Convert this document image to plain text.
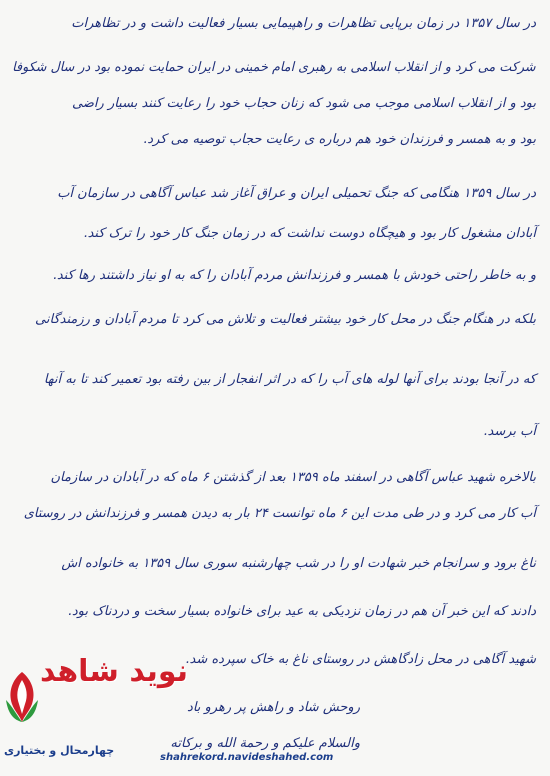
در سال ۱۳۵۷ در زمان برپایی تظاهرات و راهپیمایی بسیار فعالیت داشت و در تظاهرات
شرکت می کرد و از انقلاب اسلامی به رهبری امام خمینی در ایران حمایت نموده بود در سال شکوفا
بود و از انقلاب اسلامی موجب می شود که زنان حجاب خود را رعایت کنند بسیار راضی
بود و به همسر و فرزندان خود هم درباره ی رعایت حجاب توصیه می کرد.
در سال ۱۳۵۹ هنگامی که جنگ تحمیلی ایران و عراق آغاز شد عباس آگاهی در سازمان آب
آبادان مشغول کار بود و هیچگاه دوست نداشت که در زمان جنگ کار خود را ترک کند.
و به خاطر راحتی خودش با همسر و فرزندانش مردم آبادان را که به او نیاز داشتند رها کند.
بلکه در هنگام جنگ در محل کار خود بیشتر فعالیت و تلاش می کرد تا مردم آبادان و رزمندگانی
که در آنجا بودند برای آنها لوله های آب را که در اثر انفجار از بین رفته بود تعمیر کند تا به آنها
آب برسد.
بالاخره شهید عباس آگاهی در اسفند ماه ۱۳۵۹ بعد از گذشتن ۶ ماه که در آبادان در سازمان
آب کار می کرد و در طی مدت این ۶ ماه توانست ۲۴ بار به دیدن همسر و فرزندانش در روستای
ناغ برود و سرانجام خبر شهادت او را در شب چهارشنبه سوری سال ۱۳۵۹ به خانواده اش
دادند که این خبر آن هم در زمان نزدیکی به عید برای خانواده بسیار سخت و دردناک بود.
شهید آگاهی در محل زادگاهش در روستای ناغ به خاک سپرده شد.
روحش شاد و راهش پر رهرو باد
والسلام علیکم و رحمة الله و برکاته
نوید شاهد
چهارمحال و بختیاری
shahrekord.navideshahed.com
